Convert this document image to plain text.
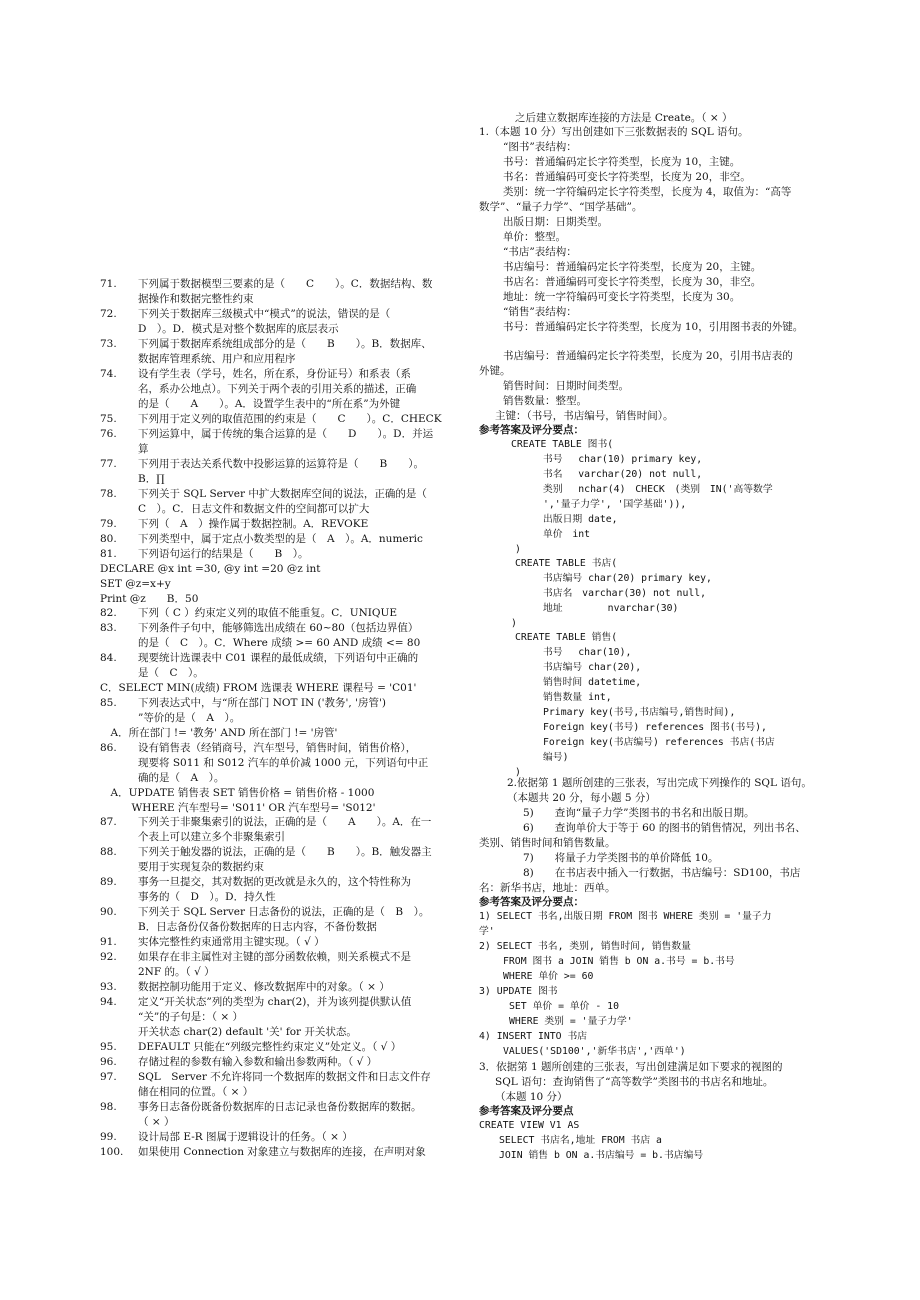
71. 下列属于数据模型三要素的是（　　C　　）。C．数据结构、数
据操作和数据完整性约束
72. 下列关于数据库三级模式中“模式”的说法，错误的是（
D　）。D．模式是对整个数据库的底层表示
73. 下列属于数据库系统组成部分的是（　　B　　）。B．数据库、
数据库管理系统、用户和应用程序
74. 设有学生表（学号，姓名，所在系，身份证号）和系表（系
名，系办公地点）。下列关于两个表的引用关系的描述，正确
的是（　　A　　）。A．设置学生表中的“所在系”为外键
75. 下列用于定义列的取值范围的约束是（　　C　　）。C．CHECK
76. 下列运算中，属于传统的集合运算的是（　　D　　）。D．并运
算
77. 下列用于表达关系代数中投影运算的运算符是（　　B　　）。
B．∏
78. 下列关于 SQL Server 中扩大数据库空间的说法，正确的是（
C　）。C．日志文件和数据文件的空间都可以扩大
79. 下列（　A　）操作属于数据控制。A．REVOKE
80. 下列类型中，属于定点小数类型的是（　A　）。A．numeric
81. 下列语句运行的结果是（　　B　）。
DECLARE @x int =30, @y int =20 @z int
SET @z=x+y
Print @z　　B．50
82. 下列（ C ）约束定义列的取值不能重复。C．UNIQUE
83. 下列条件子句中，能够筛选出成绩在 60~80（包括边界值）
的是（　C　）。C．Where 成绩 >= 60 AND 成绩 <= 80
84. 现要统计选课表中 C01 课程的最低成绩，下列语句中正确的
是（　C　）。
C．SELECT MIN(成绩) FROM 选课表 WHERE 课程号 = 'C01'
85. 下列表达式中，与“所在部门 NOT IN ('教务', '房管')
”等价的是（　A　）。
　A．所在部门 != '教务' AND 所在部门 != '房管'
86. 设有销售表（经销商号，汽车型号，销售时间，销售价格），
现要将 S011 和 S012 汽车的单价减 1000 元，下列语句中正
确的是（　A　）。
　A．UPDATE 销售表 SET 销售价格 = 销售价格 - 1000
　　　WHERE 汽车型号= 'S011' OR 汽车型号= 'S012'
87. 下列关于非聚集索引的说法，正确的是（　　A　　）。A．在一
个表上可以建立多个非聚集索引
88. 下列关于触发器的说法，正确的是（　　B　　）。B．触发器主
要用于实现复杂的数据约束
89. 事务一旦提交，其对数据的更改就是永久的，这个特性称为
事务的（　D　）。D．持久性
90. 下列关于 SQL Server 日志备份的说法，正确的是（　B　）。
B．日志备份仅备份数据库的日志内容，不备份数据
91. 实体完整性约束通常用主键实现。（ √ ）
92. 如果存在非主属性对主键的部分函数依赖，则关系模式不是
2NF 的。（ √ ）
93. 数据控制功能用于定义、修改数据库中的对象。（ × ）
94. 定义“开关状态”列的类型为 char(2)，并为该列提供默认值
“关”的子句是：（ × ）
开关状态 char(2) default '关' for 开关状态。
95. DEFAULT 只能在“列级完整性约束定义”处定义。（ √ ）
96. 存储过程的参数有输入参数和输出参数两种。（ √ ）
97. SQL　Server 不允许将同一个数据库的数据文件和日志文件存
储在相同的位置。（ × ）
98. 事务日志备份既备份数据库的日志记录也备份数据库的数据。
（ × ）
99. 设计局部 E-R 图属于逻辑设计的任务。（ × ）
100. 如果使用 Connection 对象建立与数据库的连接，在声明对象
之后建立数据库连接的方法是 Create。（ × ）
1.（本题 10 分）写出创建如下三张数据表的 SQL 语句。
“图书”表结构：
书号：普通编码定长字符类型，长度为 10，主键。
书名：普通编码可变长字符类型，长度为 20，非空。
类别：统一字符编码定长字符类型，长度为 4，取值为：“高等
数学”、“量子力学”、“国学基础”。
出版日期：日期类型。
单价：整型。
“书店”表结构：
书店编号：普通编码定长字符类型，长度为 20，主键。
书店名：普通编码可变长字符类型，长度为 30，非空。
地址：统一字符编码可变长字符类型，长度为 30。
“销售”表结构：
书号：普通编码定长字符类型，长度为 10，引用图书表的外键。
书店编号：普通编码定长字符类型，长度为 20，引用书店表的
外键。
销售时间：日期时间类型。
销售数量：整型。
主键：（书号，书店编号，销售时间）。
参考答案及评分要点：
CREATE TABLE 图书(
书号　 char(10) primary key,
书名　 varchar(20) not null,
类别　 nchar(4)　CHECK　(类别　IN('高等数学
','量子力学', '国学基础')),
出版日期 date,
单价　int
)
CREATE TABLE 书店(
书店编号 char(20) primary key,
书店名　varchar(30) not null,
地址　　　　 nvarchar(30)
)
CREATE TABLE 销售(
书号　 char(10),
书店编号 char(20),
销售时间 datetime,
销售数量 int,
Primary key(书号,书店编号,销售时间),
Foreign key(书号) references 图书(书号),
Foreign key(书店编号) references 书店(书店
编号)
)
2.依据第 1 题所创建的三张表，写出完成下列操作的 SQL 语句。
（本题共 20 分，每小题 5 分）
5)　　查询“量子力学”类图书的书名和出版日期。
6)　　查询单价大于等于 60 的图书的销售情况，列出书名、
类别、销售时间和销售数量。
7)　　将量子力学类图书的单价降低 10。
8)　　在书店表中插入一行数据，书店编号：SD100，书店
名：新华书店，地址：西单。
参考答案及评分要点：
1) SELECT 书名,出版日期 FROM 图书 WHERE 类别 = '量子力
学'
2) SELECT 书名, 类别, 销售时间, 销售数量
FROM 图书 a JOIN 销售 b ON a.书号 = b.书号
WHERE 单价 >= 60
3) UPDATE 图书
SET 单价 = 单价 - 10
WHERE 类别 = '量子力学'
4) INSERT INTO 书店
VALUES('SD100','新华书店','西单')
3．依据第 1 题所创建的三张表，写出创建满足如下要求的视图的
SQL 语句：查询销售了“高等数学”类图书的书店名和地址。
（本题 10 分）
参考答案及评分要点
CREATE VIEW V1 AS
SELECT 书店名,地址 FROM 书店 a
JOIN 销售 b ON a.书店编号 = b.书店编号
